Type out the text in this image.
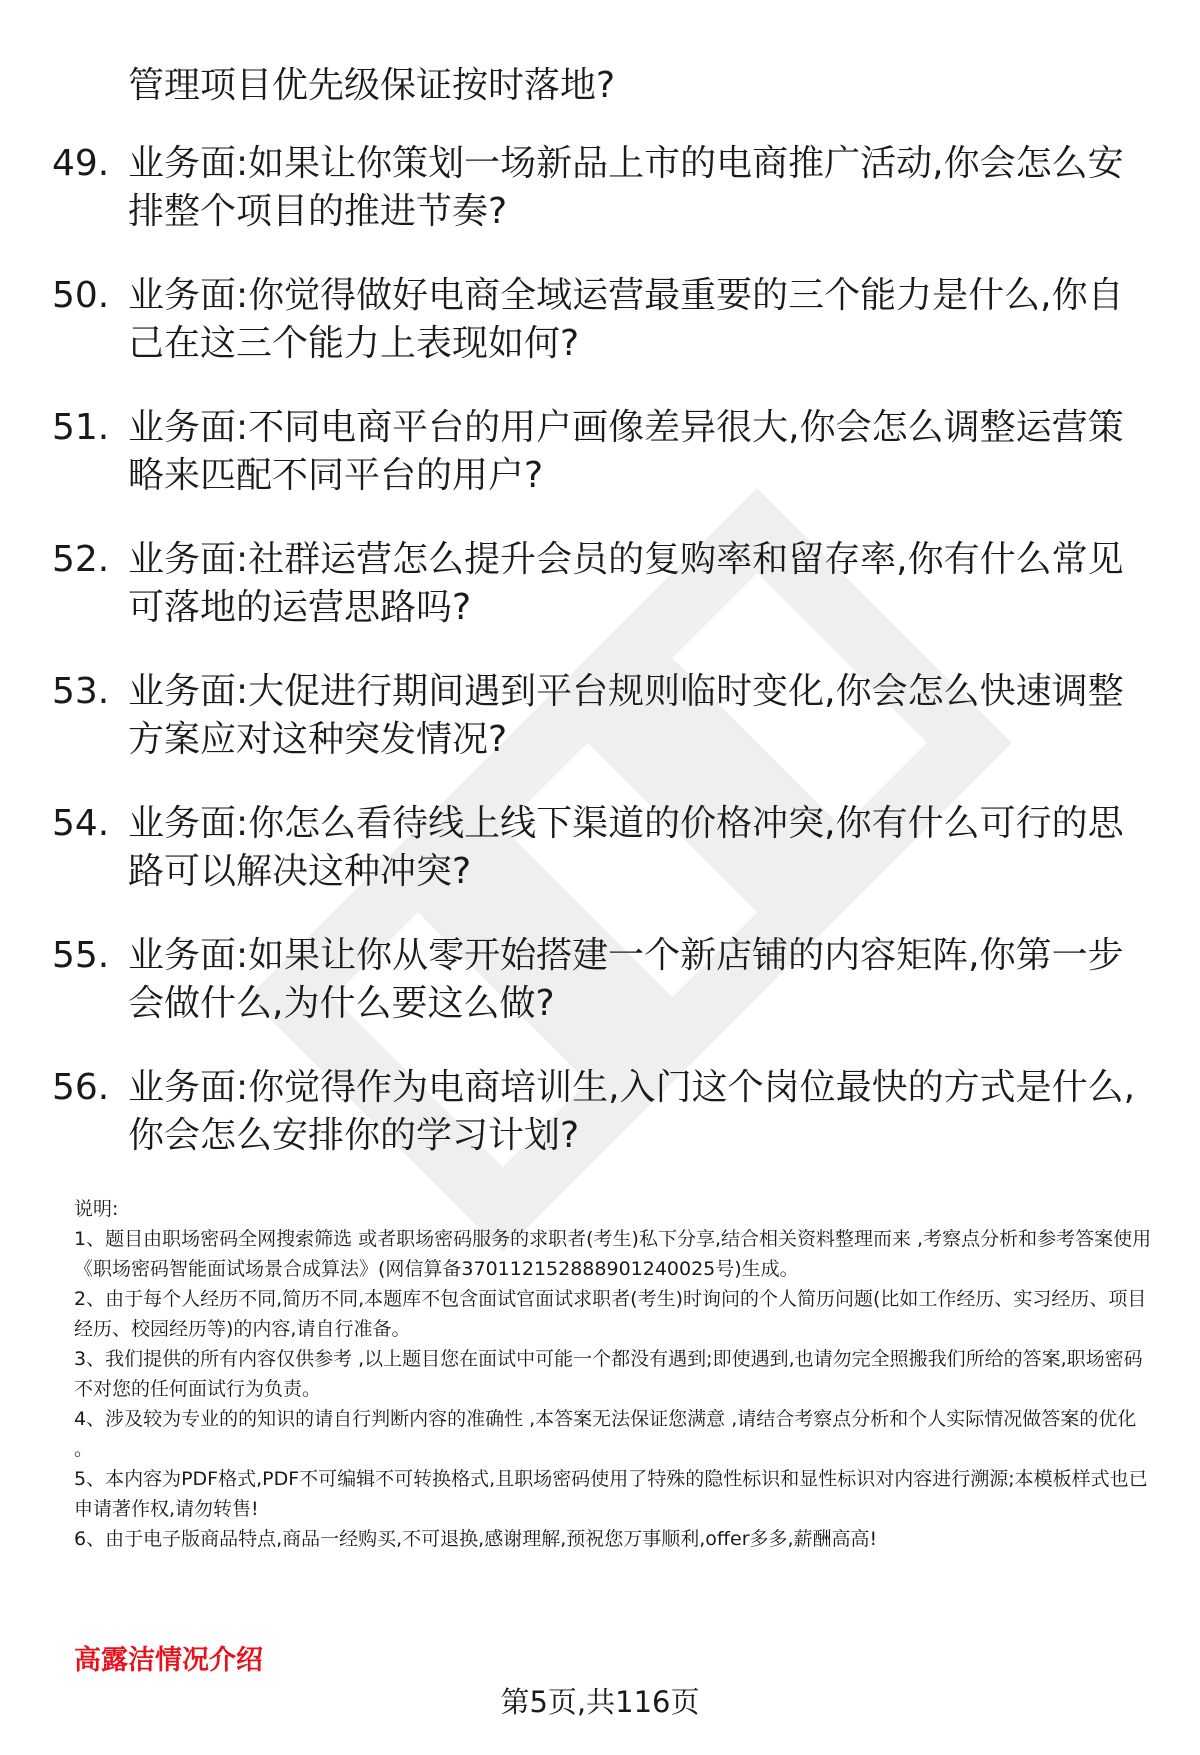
管理项目优先级保证按时落地?

49. 业务面:如果让你策划一场新品上市的电商推广活动,你会怎么安排整个项目的推进节奏?
50. 业务面:你觉得做好电商全域运营最重要的三个能力是什么,你自己在这三个能力上表现如何?
51. 业务面:不同电商平台的用户画像差异很大,你会怎么调整运营策略来匹配不同平台的用户?
52. 业务面:社群运营怎么提升会员的复购率和留存率,你有什么常见可落地的运营思路吗?
53. 业务面:大促进行期间遇到平台规则临时变化,你会怎么快速调整方案应对这种突发情况?
54. 业务面:你怎么看待线上线下渠道的价格冲突,你有什么可行的思路可以解决这种冲突?
55. 业务面:如果让你从零开始搭建一个新店铺的内容矩阵,你第一步会做什么,为什么要这么做?
56. 业务面:你觉得作为电商培训生,入门这个岗位最快的方式是什么,你会怎么安排你的学习计划?

说明:

1、题目由职场密码全网搜索筛选 或者职场密码服务的求职者(考生)私下分享,结合相关资料整理而来 ,考察点分析和参考答案使用《职场密码智能面试场景合成算法》(网信算备370112152888901240025号)生成。

2、由于每个人经历不同,简历不同,本题库不包含面试官面试求职者(考生)时询问的个人简历问题(比如工作经历、实习经历、项目经历、校园经历等)的内容,请自行准备。

3、我们提供的所有内容仅供参考 ,以上题目您在面试中可能一个都没有遇到;即使遇到,也请勿完全照搬我们所给的答案,职场密码不对您的任何面试行为负责。

4、涉及较为专业的的知识的请自行判断内容的准确性 ,本答案无法保证您满意 ,请结合考察点分析和个人实际情况做答案的优化 。

5、本内容为PDF格式,PDF不可编辑不可转换格式,且职场密码使用了特殊的隐性标识和显性标识对内容进行溯源;本模板样式也已申请著作权,请勿转售!

6、由于电子版商品特点,商品一经购买,不可退换,感谢理解,预祝您万事顺利,offer多多,薪酬高高!

高露洁情况介绍
第5页,共116页
